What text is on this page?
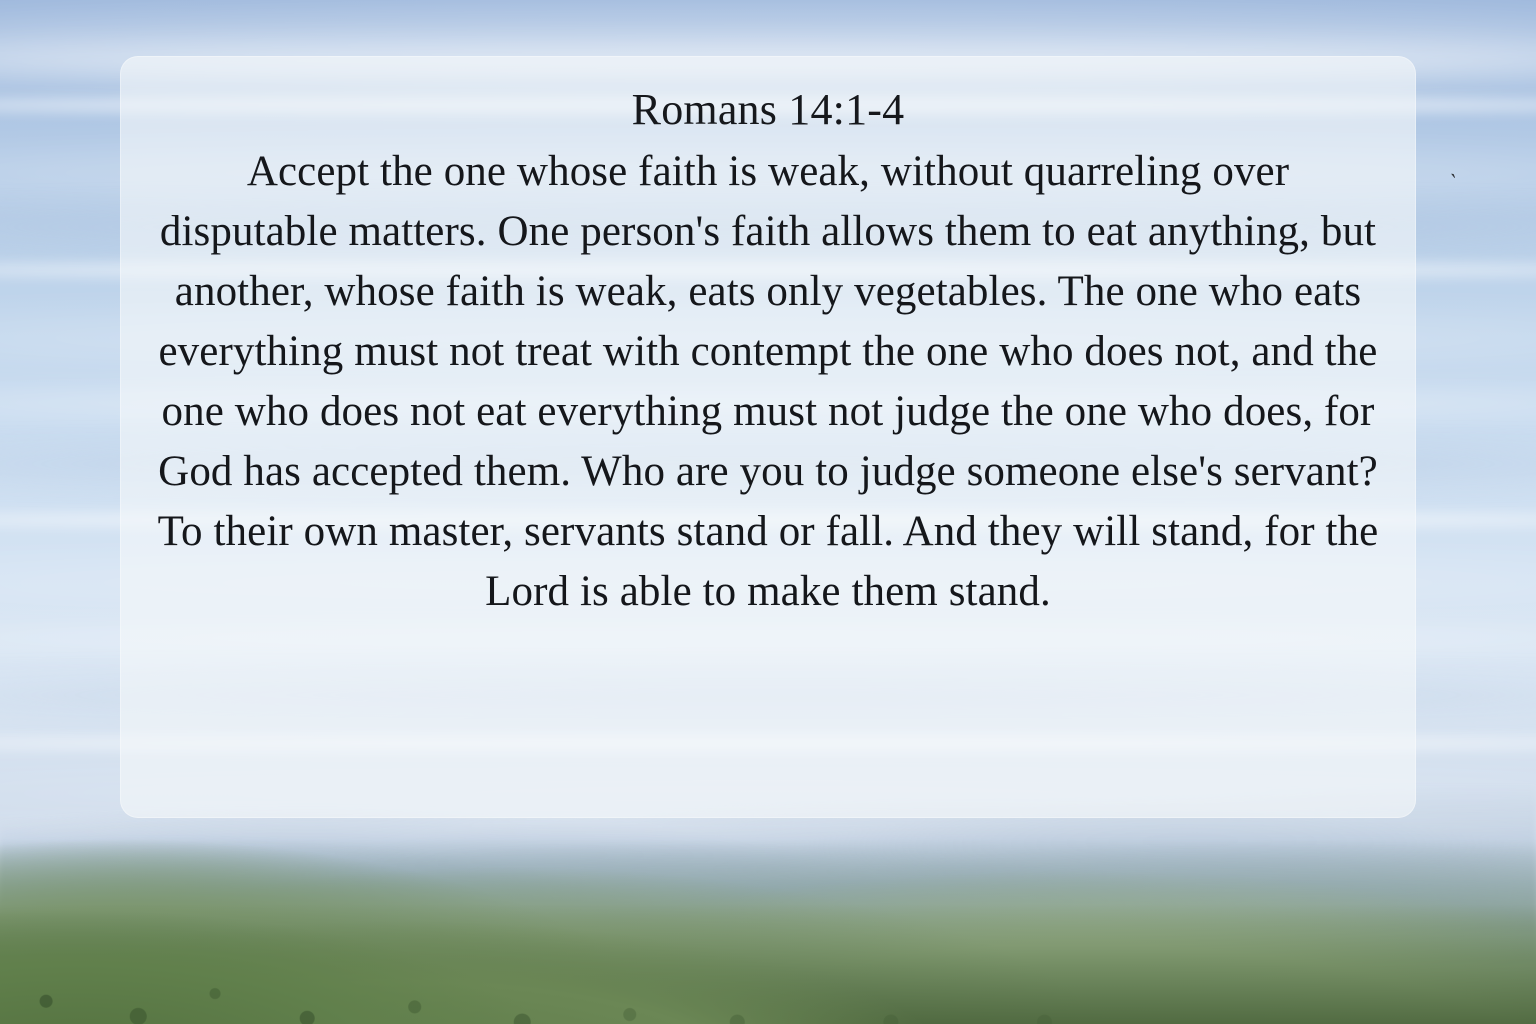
Romans 14:1-4

Accept the one whose faith is weak, without quarreling over disputable matters. One person's faith allows them to eat anything, but another, whose faith is weak, eats only vegetables. The one who eats everything must not treat with contempt the one who does not, and the one who does not eat everything must not judge the one who does, for God has accepted them. Who are you to judge someone else's servant? To their own master, servants stand or fall. And they will stand, for the Lord is able to make them stand.

`
